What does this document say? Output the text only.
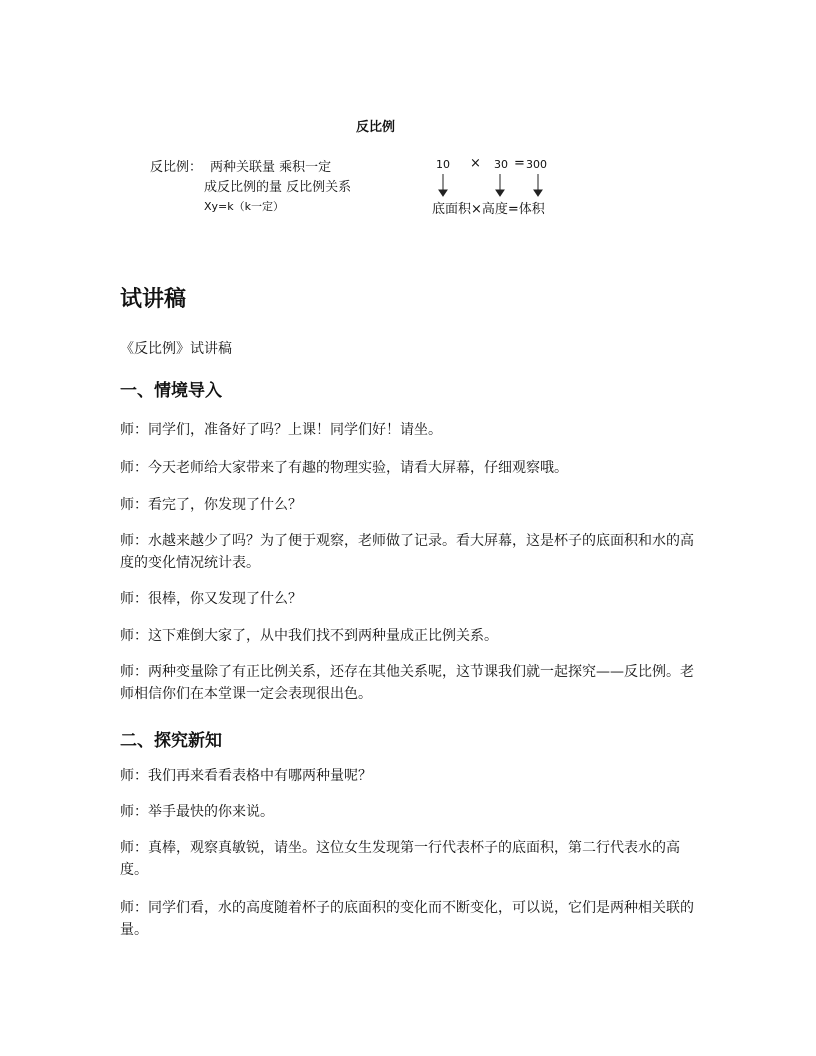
反比例
反比例： 两种关联量 乘积一定
成反比例的量 反比例关系
Xy=k（k一定）
10 × 30 = 300
底面积×高度=体积
试讲稿

《反比例》试讲稿

一、情境导入

师：同学们，准备好了吗？上课！同学们好！请坐。

师：今天老师给大家带来了有趣的物理实验，请看大屏幕，仔细观察哦。

师：看完了，你发现了什么？

师：水越来越少了吗？为了便于观察，老师做了记录。看大屏幕，这是杯子的底面积和水的高度的变化情况统计表。

师：很棒，你又发现了什么？

师：这下难倒大家了，从中我们找不到两种量成正比例关系。

师：两种变量除了有正比例关系，还存在其他关系呢，这节课我们就一起探究——反比例。老师相信你们在本堂课一定会表现很出色。

二、探究新知

师：我们再来看看表格中有哪两种量呢？

师：举手最快的你来说。

师：真棒，观察真敏锐，请坐。这位女生发现第一行代表杯子的底面积，第二行代表水的高度。

师：同学们看，水的高度随着杯子的底面积的变化而不断变化，可以说，它们是两种相关联的量。
